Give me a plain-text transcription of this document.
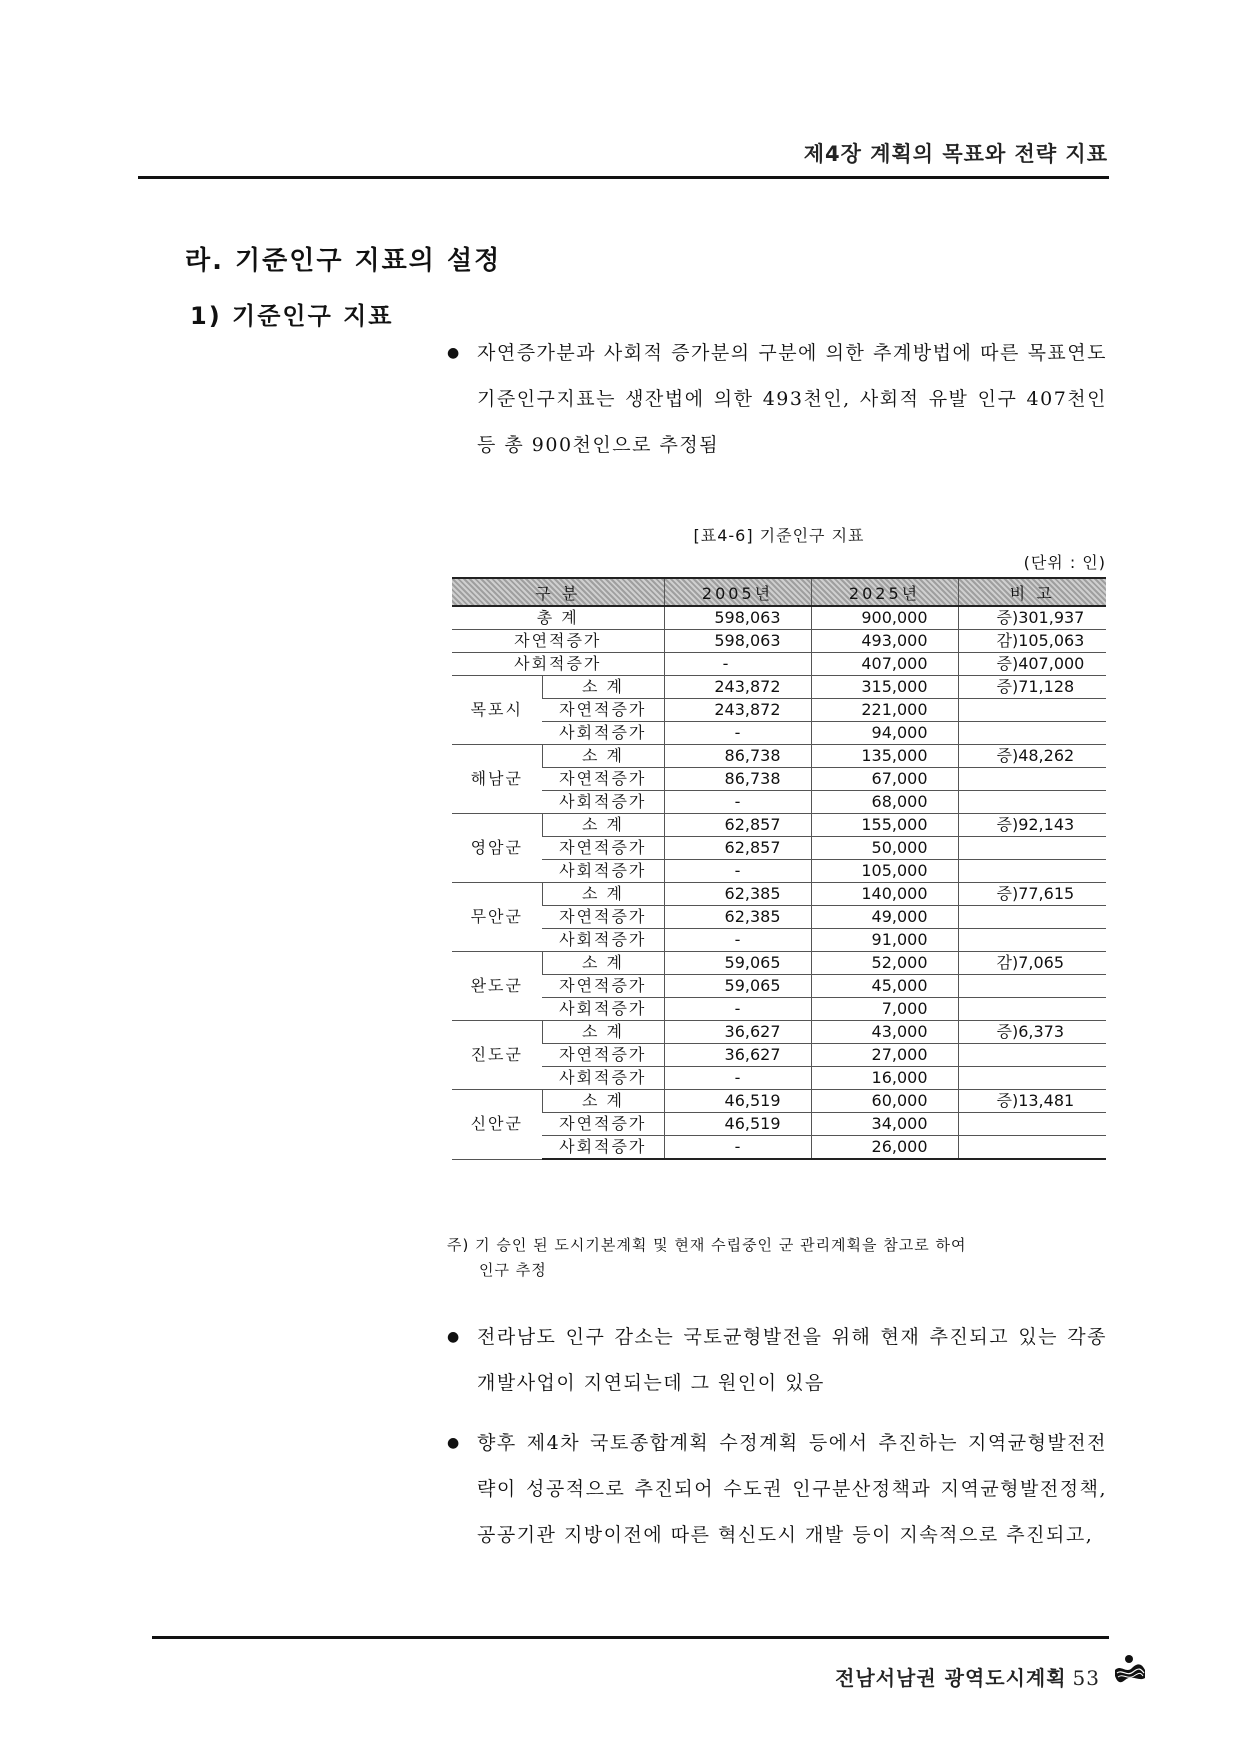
제4장 계획의 목표와 전략 지표
라. 기준인구 지표의 설정
1) 기준인구 지표
● 자연증가분과 사회적 증가분의 구분에 의한 추계방법에 따른 목표연도 기준인구지표는 생잔법에 의한 493천인, 사회적 유발 인구 407천인 등 총 900천인으로 추정됨
[표4-6] 기준인구 지표
(단위 : 인)
구 분		2005년	2025년	비 고
총 계		598,063	900,000	증)301,937
자연적증가		598,063	493,000	감)105,063
사회적증가		-	407,000	증)407,000
목포시	소 계	243,872	315,000	증)71,128
	자연적증가	243,872	221,000	
	사회적증가	-	94,000	
해남군	소 계	86,738	135,000	증)48,262
	자연적증가	86,738	67,000	
	사회적증가	-	68,000	
영암군	소 계	62,857	155,000	증)92,143
	자연적증가	62,857	50,000	
	사회적증가	-	105,000	
무안군	소 계	62,385	140,000	증)77,615
	자연적증가	62,385	49,000	
	사회적증가	-	91,000	
완도군	소 계	59,065	52,000	감)7,065
	자연적증가	59,065	45,000	
	사회적증가	-	7,000	
진도군	소 계	36,627	43,000	증)6,373
	자연적증가	36,627	27,000	
	사회적증가	-	16,000	
신안군	소 계	46,519	60,000	증)13,481
	자연적증가	46,519	34,000	
	사회적증가	-	26,000	
주) 기 승인 된 도시기본계획 및 현재 수립중인 군 관리계획을 참고로 하여
인구 추정
● 전라남도 인구 감소는 국토균형발전을 위해 현재 추진되고 있는 각종 개발사업이 지연되는데 그 원인이 있음
● 향후 제4차 국토종합계획 수정계획 등에서 추진하는 지역균형발전전략이 성공적으로 추진되어 수도권 인구분산정책과 지역균형발전정책, 공공기관 지방이전에 따른 혁신도시 개발 등이 지속적으로 추진되고,
전남서남권 광역도시계획 53
